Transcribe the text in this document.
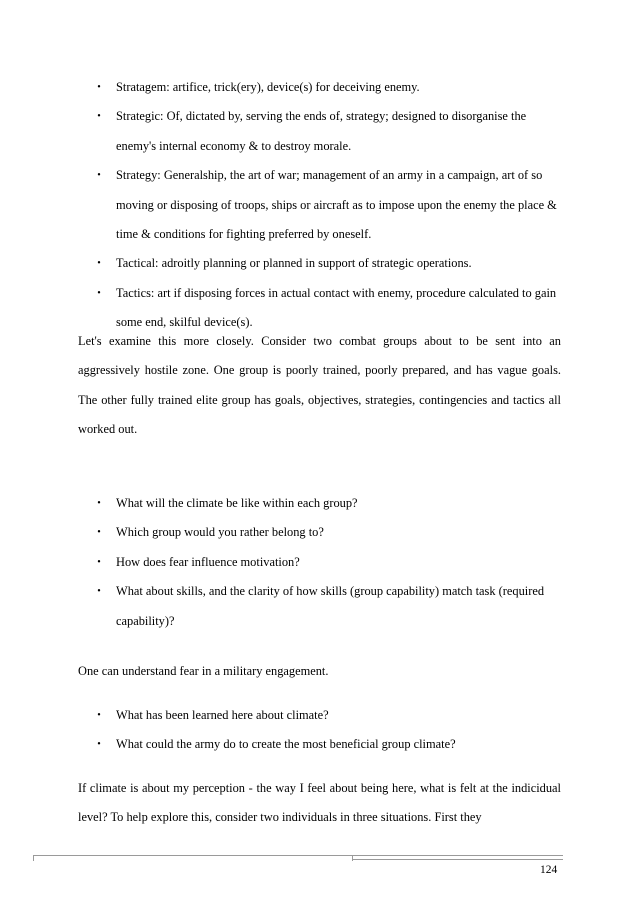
• Stratagem: artifice, trick(ery), device(s) for deceiving enemy.
• Strategic: Of, dictated by, serving the ends of, strategy; designed to disorganise the enemy's internal economy & to destroy morale.
• Strategy: Generalship, the art of war; management of an army in a campaign, art of so moving or disposing of troops, ships or aircraft as to impose upon the enemy the place & time & conditions for fighting preferred by oneself.
• Tactical: adroitly planning or planned in support of strategic operations.
• Tactics: art if disposing forces in actual contact with enemy, procedure calculated to gain some end, skilful device(s).

Let's examine this more closely. Consider two combat groups about to be sent into an aggressively hostile zone. One group is poorly trained, poorly prepared, and has vague goals. The other fully trained elite group has goals, objectives, strategies, contingencies and tactics all worked out.

• What will the climate be like within each group?
• Which group would you rather belong to?
• How does fear influence motivation?
• What about skills, and the clarity of how skills (group capability) match task (required capability)?

One can understand fear in a military engagement.

• What has been learned here about climate?
• What could the army do to create the most beneficial group climate?

If climate is about my perception - the way I feel about being here, what is felt at the indicidual level? To help explore this, consider two individuals in three situations. First they

124
